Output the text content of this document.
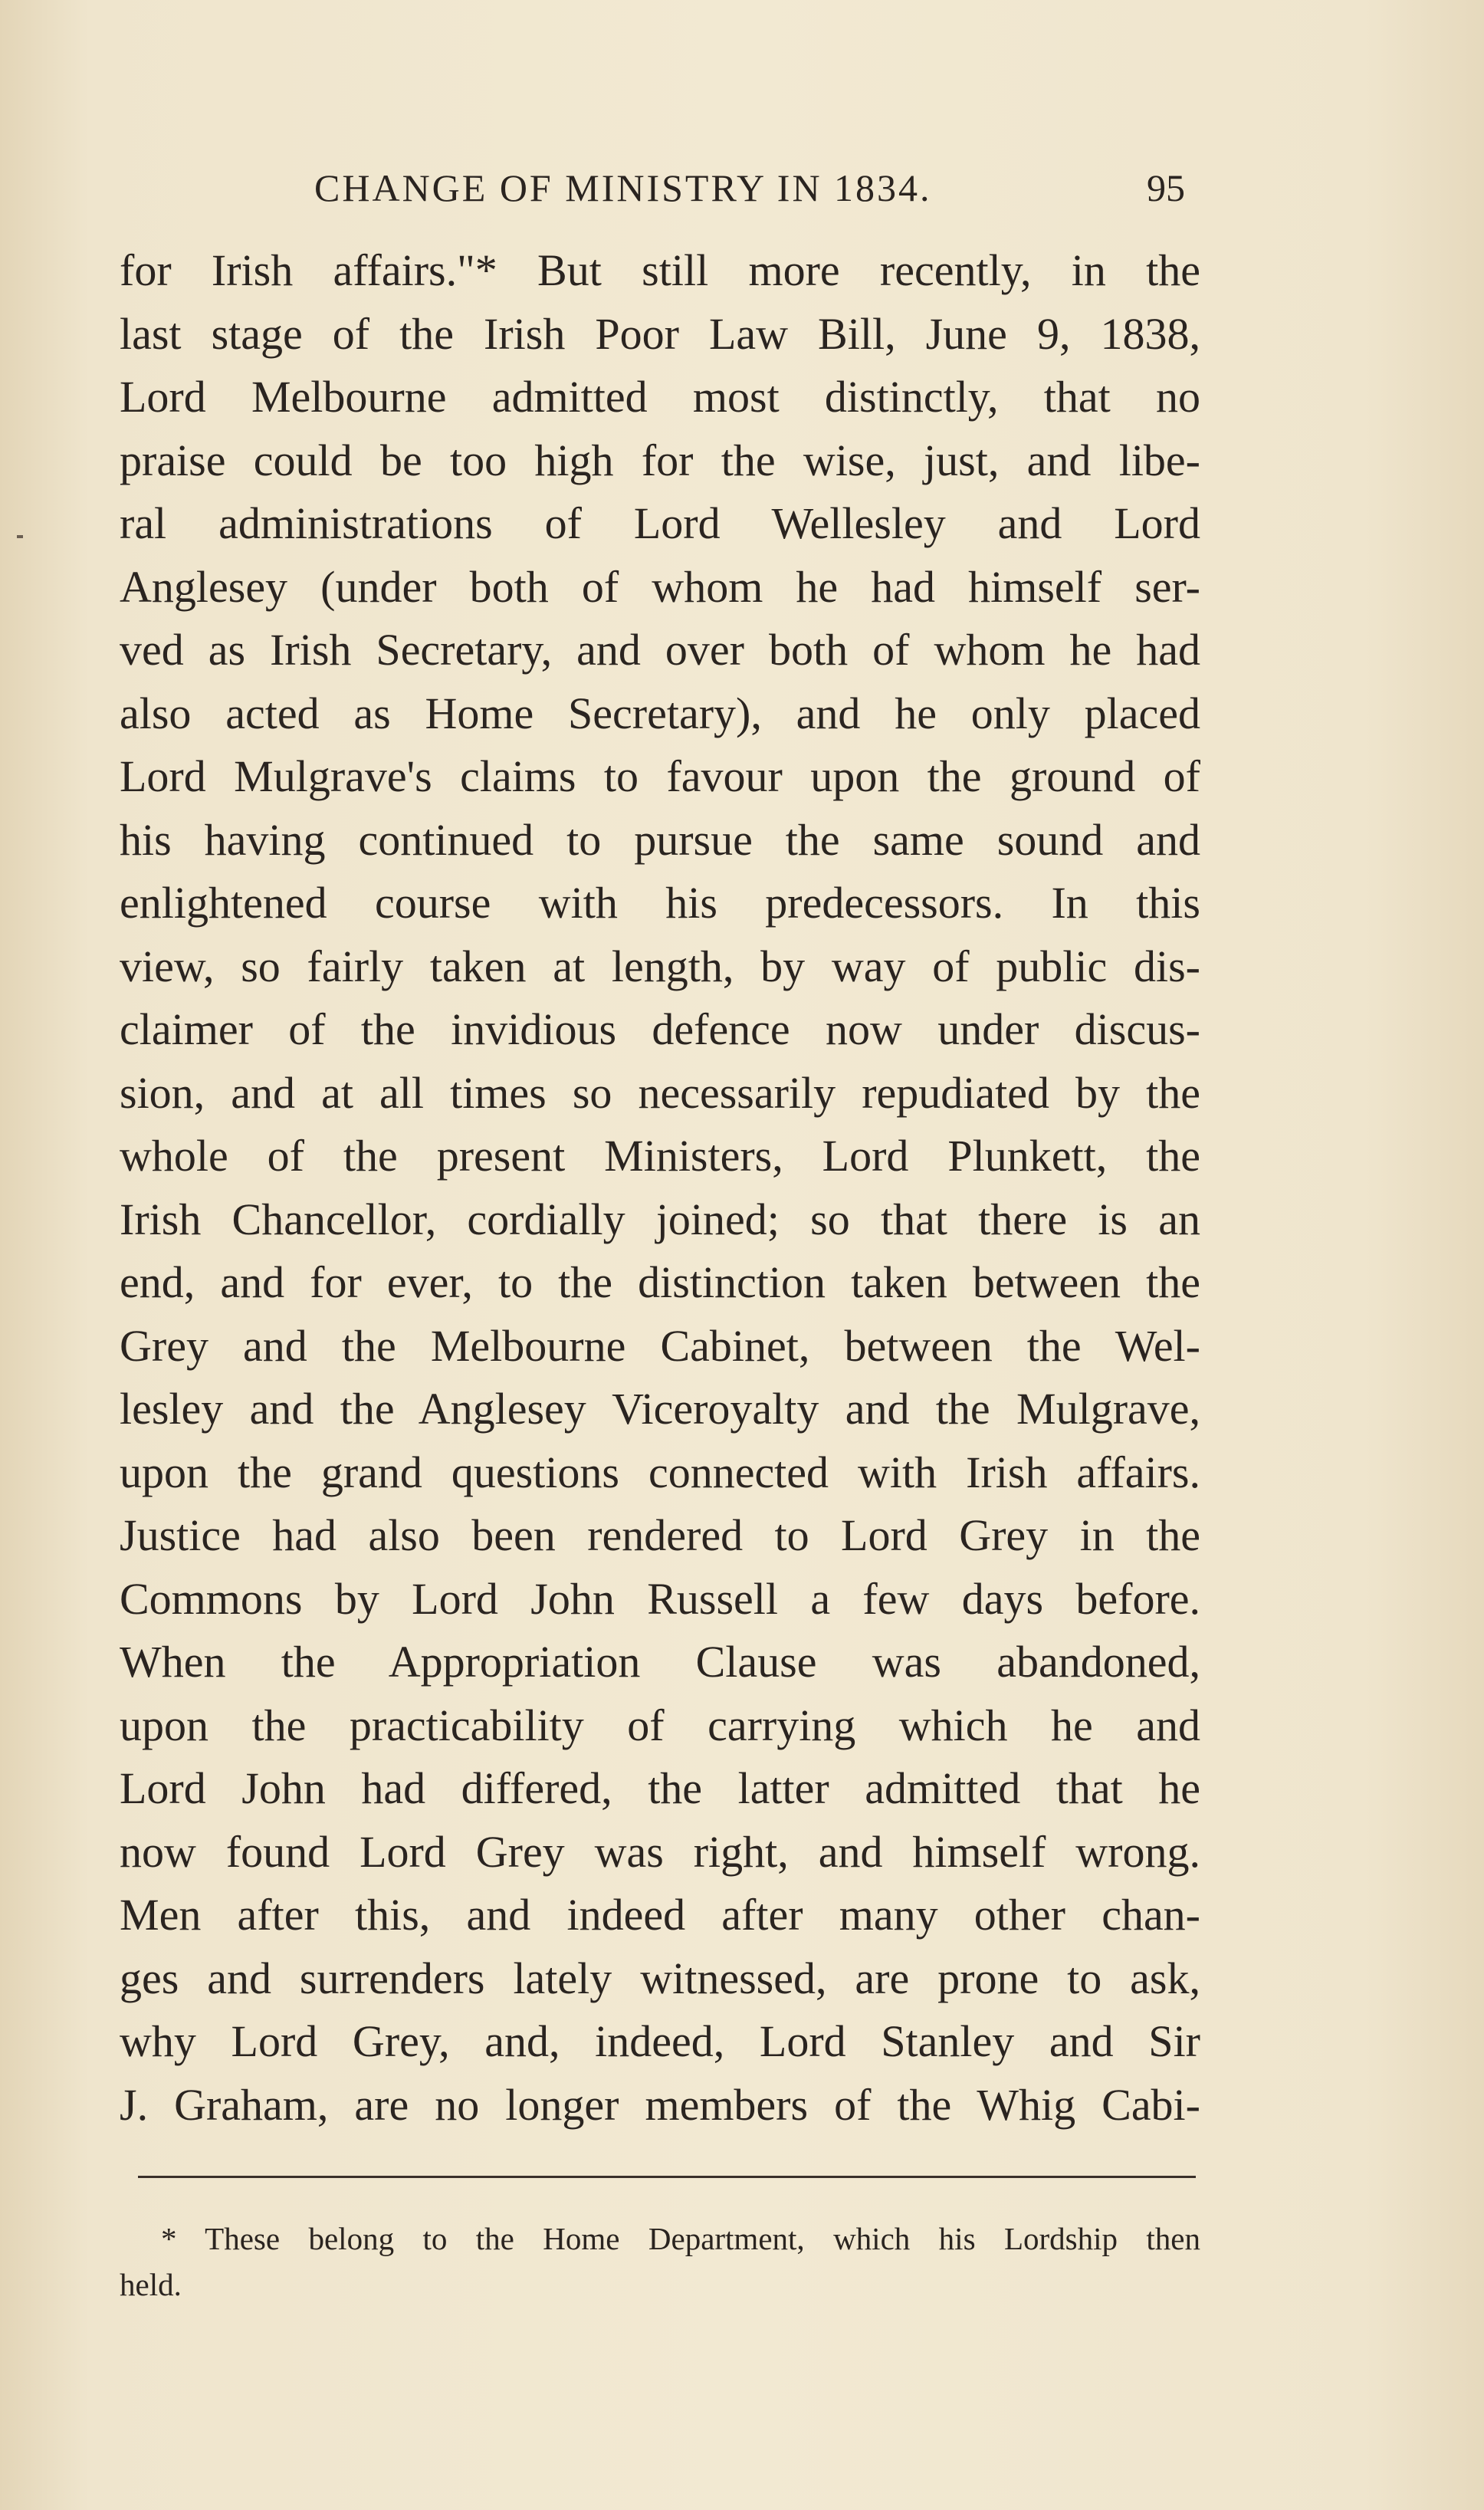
CHANGE OF MINISTRY IN 1834.	95
for Irish affairs."* But still more recently, in the
last stage of the Irish Poor Law Bill, June 9, 1838,
Lord Melbourne admitted most distinctly, that no
praise could be too high for the wise, just, and libe-
ral administrations of Lord Wellesley and Lord
Anglesey (under both of whom he had himself ser-
ved as Irish Secretary, and over both of whom he had
also acted as Home Secretary), and he only placed
Lord Mulgrave's claims to favour upon the ground of
his having continued to pursue the same sound and
enlightened course with his predecessors. In this
view, so fairly taken at length, by way of public dis-
claimer of the invidious defence now under discus-
sion, and at all times so necessarily repudiated by the
whole of the present Ministers, Lord Plunkett, the
Irish Chancellor, cordially joined; so that there is an
end, and for ever, to the distinction taken between the
Grey and the Melbourne Cabinet, between the Wel-
lesley and the Anglesey Viceroyalty and the Mulgrave,
upon the grand questions connected with Irish affairs.
Justice had also been rendered to Lord Grey in the
Commons by Lord John Russell a few days before.
When the Appropriation Clause was abandoned,
upon the practicability of carrying which he and
Lord John had differed, the latter admitted that he
now found Lord Grey was right, and himself wrong.
Men after this, and indeed after many other chan-
ges and surrenders lately witnessed, are prone to ask,
why Lord Grey, and, indeed, Lord Stanley and Sir
J. Graham, are no longer members of the Whig Cabi-
* These belong to the Home Department, which his Lordship then
held.
